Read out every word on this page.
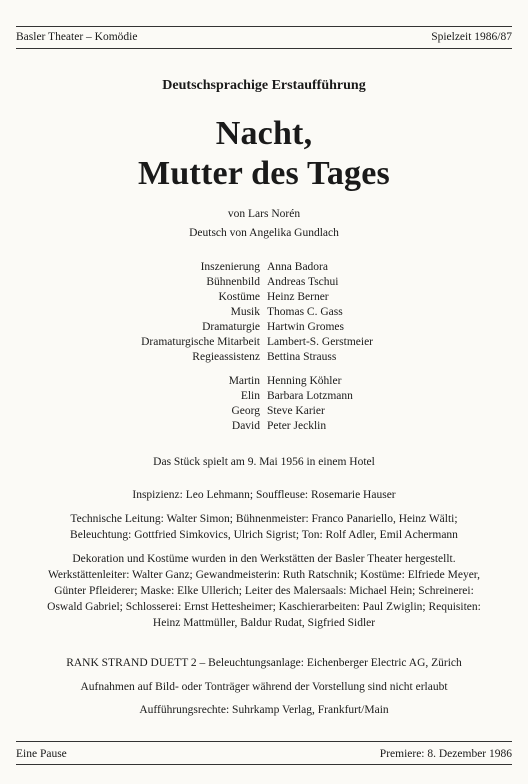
Basler Theater – Komödie	Spielzeit 1986/87
Deutschsprachige Erstaufführung
Nacht,
Mutter des Tages
von Lars Norén
Deutsch von Angelika Gundlach
Inszenierung Anna Badora
Bühnenbild Andreas Tschui
Kostüme Heinz Berner
Musik Thomas C. Gass
Dramaturgie Hartwin Gromes
Dramaturgische Mitarbeit Lambert-S. Gerstmeier
Regieassistenz Bettina Strauss
Martin Henning Köhler
Elin Barbara Lotzmann
Georg Steve Karier
David Peter Jecklin
Das Stück spielt am 9. Mai 1956 in einem Hotel
Inspizienz: Leo Lehmann; Souffleuse: Rosemarie Hauser
Technische Leitung: Walter Simon; Bühnenmeister: Franco Panariello, Heinz Wälti;
Beleuchtung: Gottfried Simkovics, Ulrich Sigrist; Ton: Rolf Adler, Emil Achermann
Dekoration und Kostüme wurden in den Werkstätten der Basler Theater hergestellt.
Werkstättenleiter: Walter Ganz; Gewandmeisterin: Ruth Ratschnik; Kostüme: Elfriede Meyer,
Günter Pfleiderer; Maske: Elke Ullerich; Leiter des Malersaals: Michael Hein; Schreinerei:
Oswald Gabriel; Schlosserei: Ernst Hettesheimer; Kaschierarbeiten: Paul Zwiglin; Requisiten:
Heinz Mattmüller, Baldur Rudat, Sigfried Sidler
RANK STRAND DUETT 2 – Beleuchtungsanlage: Eichenberger Electric AG, Zürich
Aufnahmen auf Bild- oder Tonträger während der Vorstellung sind nicht erlaubt
Aufführungsrechte: Suhrkamp Verlag, Frankfurt/Main
Eine Pause	Premiere: 8. Dezember 1986
